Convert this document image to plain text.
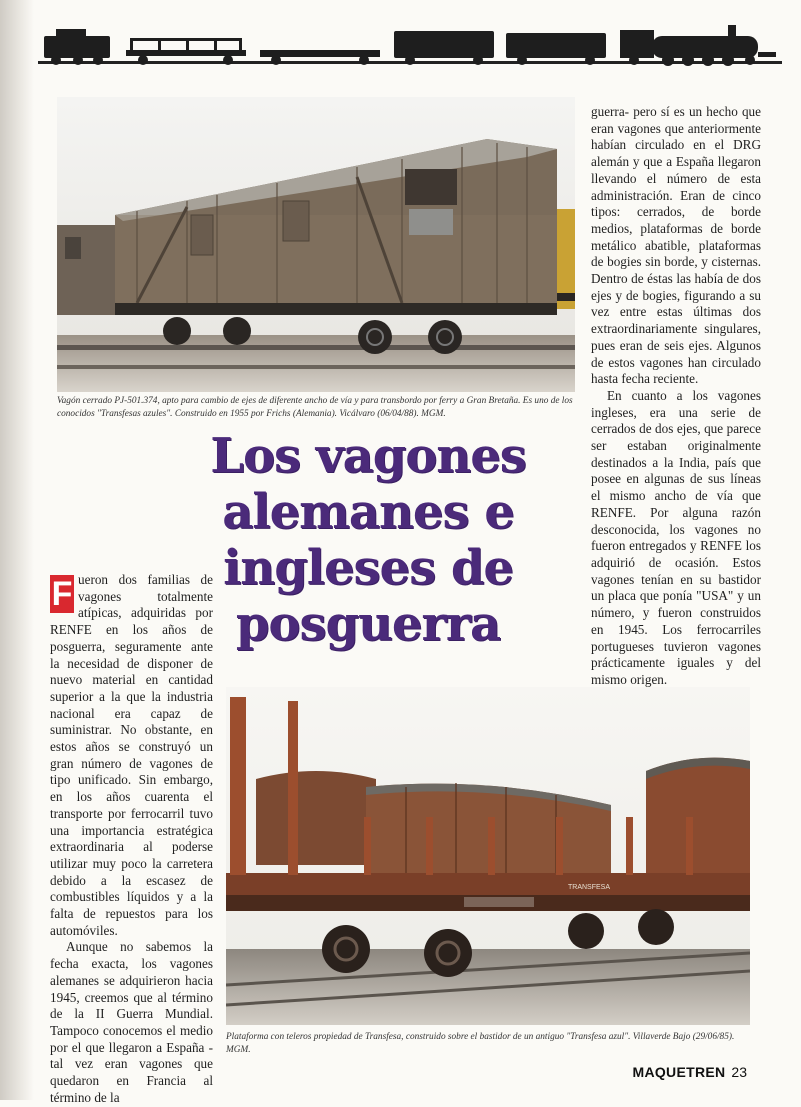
Vagón cerrado PJ-501.374, apto para cambio de ejes de diferente ancho de vía y para transbordo por ferry a Gran Bretaña. Es uno de los conocidos "Transfesas azules". Construido en 1955 por Frichs (Alemania). Vicálvaro (06/04/88). MGM.
Los vagones
alemanes e
ingleses de
posguerra

guerra- pero sí es un hecho que eran vagones que anteriormente habían circulado en el DRG alemán y que a España llegaron llevando el número de esta administración. Eran de cinco tipos: cerrados, de borde medios, plataformas de borde metálico abatible, plataformas de bogies sin borde, y cisternas. Dentro de éstas las había de dos ejes y de bogies, figurando a su vez entre estas últimas dos extraordinariamente singulares, pues eran de seis ejes. Algunos de estos vagones han circulado hasta fecha reciente.

En cuanto a los vagones ingleses, era una serie de cerrados de dos ejes, que parece ser estaban originalmente destinados a la India, país que posee en algunas de sus líneas el mismo ancho de vía que RENFE. Por alguna razón desconocida, los vagones no fueron entregados y RENFE los adquirió de ocasión. Estos vagones tenían en su bastidor un placa que ponía "USA" y un número, y fueron construidos en 1945. Los ferrocarriles portugueses tuvieron vagones prácticamente iguales y del mismo origen.

F ueron dos familias de vagones totalmente atípicas, adquiridas por RENFE en los años de posguerra, seguramente ante la necesidad de disponer de nuevo material en cantidad superior a la que la industria nacional era capaz de suministrar. No obstante, en estos años se construyó un gran número de vagones de tipo unificado. Sin embargo, en los años cuarenta el transporte por ferrocarril tuvo una importancia estratégica extraordinaria al poderse utilizar muy poco la carretera debido a la escasez de combustibles líquidos y a la falta de repuestos para los automóviles.

Aunque no sabemos la fecha exacta, los vagones alemanes se adquirieron hacia 1945, creemos que al término de la II Guerra Mundial. Tampoco conocemos el medio por el que llegaron a España -tal vez eran vagones que quedaron en Francia al término de la

TRANSFESA
Plataforma con teleros propiedad de Transfesa, construido sobre el bastidor de un antiguo "Transfesa azul". Villaverde Bajo (29/06/85). MGM.
MAQUETREN 23
